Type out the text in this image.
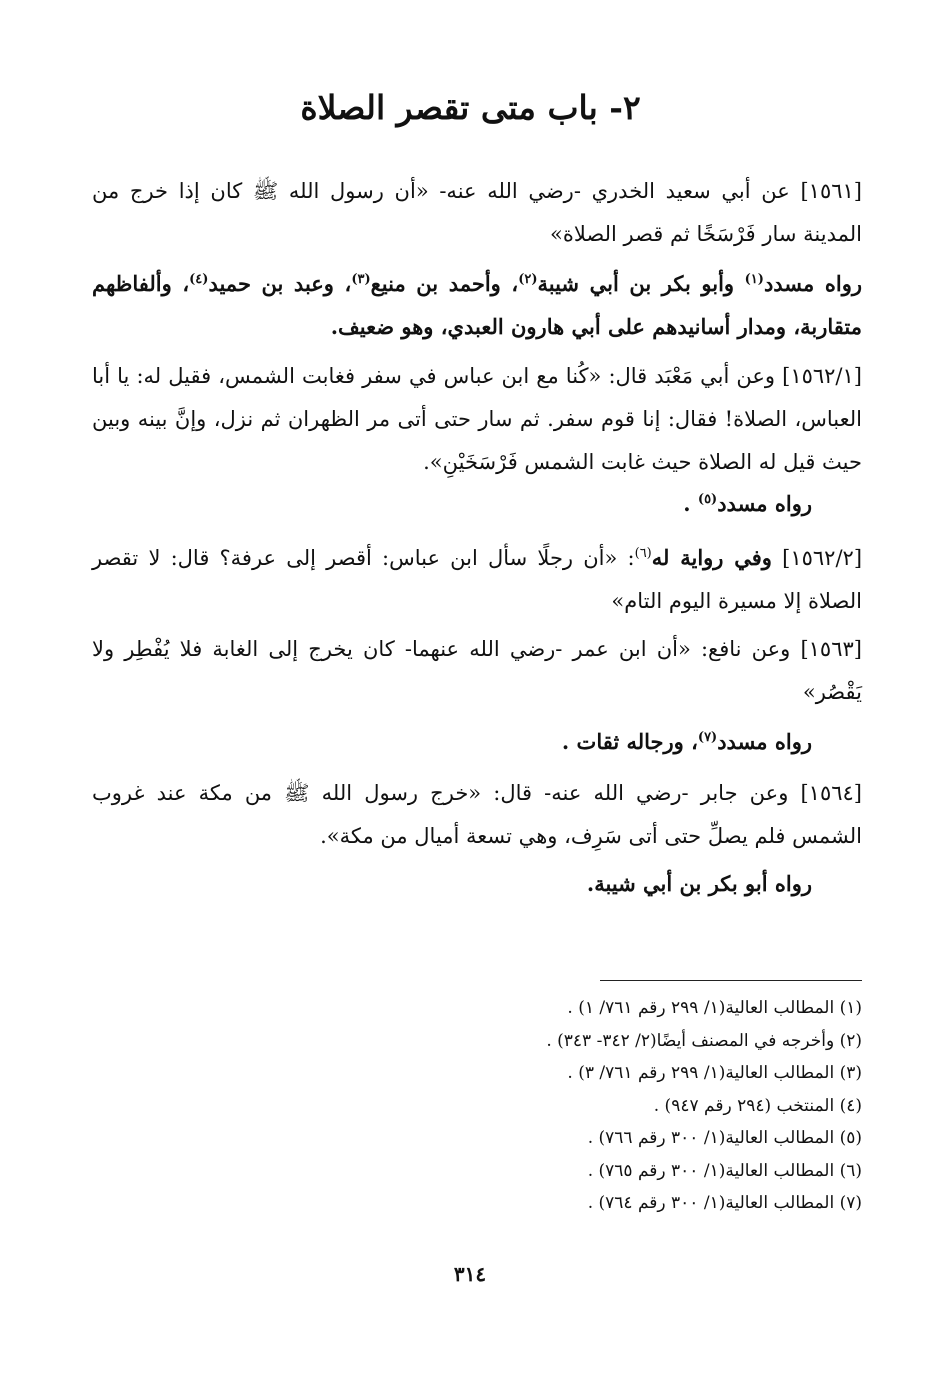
٢- باب متى تقصر الصلاة
[١٥٦١] عن أبي سعيد الخدري -رضي الله عنه- «أن رسول الله ﷺ كان إذا خرج من المدينة سار فَرْسَخًا ثم قصر الصلاة»
رواه مسدد$^{(١)}$ وأبو بكر بن أبي شيبة$^{(٢)}$، وأحمد بن منيع$^{(٣)}$، وعبد بن حميد$^{(٤)}$، وألفاظهم متقاربة، ومدار أسانيدهم على أبي هارون العبدي، وهو ضعيف.
[١٥٦٢/١] وعن أبي مَعْبَد قال: «كُنا مع ابن عباس في سفر فغابت الشمس، فقيل له: يا أبا العباس، الصلاة! فقال: إنا قوم سفر. ثم سار حتى أتى مر الظهران ثم نزل، وإنَّ بينه وبين حيث قيل له الصلاة حيث غابت الشمس فَرْسَخَيْنِ».
رواه مسدد$^{(٥)}$ .
[١٥٦٢/٢] وفي رواية له$^{(٦)}$: «أن رجلًا سأل ابن عباس: أقصر إلى عرفة؟ قال: لا تقصر الصلاة إلا مسيرة اليوم التام»
[١٥٦٣] وعن نافع: «أن ابن عمر -رضي الله عنهما- كان يخرج إلى الغابة فلا يُفْطِر ولا يَقْصُر»
رواه مسدد$^{(٧)}$، ورجاله ثقات .
[١٥٦٤] وعن جابر -رضي الله عنه- قال: «خرج رسول الله ﷺ من مكة عند غروب الشمس فلم يصلِّ حتى أتى سَرِف، وهي تسعة أميال من مكة».
رواه أبو بكر بن أبي شيبة.
(١) المطالب العالية(١/ ٢٩٩ رقم ٧٦١/ ١) .
(٢) وأخرجه في المصنف أيضًا(٢/ ٣٤٢- ٣٤٣) .
(٣) المطالب العالية(١/ ٢٩٩ رقم ٧٦١/ ٣) .
(٤) المنتخب (٢٩٤ رقم ٩٤٧) .
(٥) المطالب العالية(١/ ٣٠٠ رقم ٧٦٦) .
(٦) المطالب العالية(١/ ٣٠٠ رقم ٧٦٥) .
(٧) المطالب العالية(١/ ٣٠٠ رقم ٧٦٤) .
٣١٤
